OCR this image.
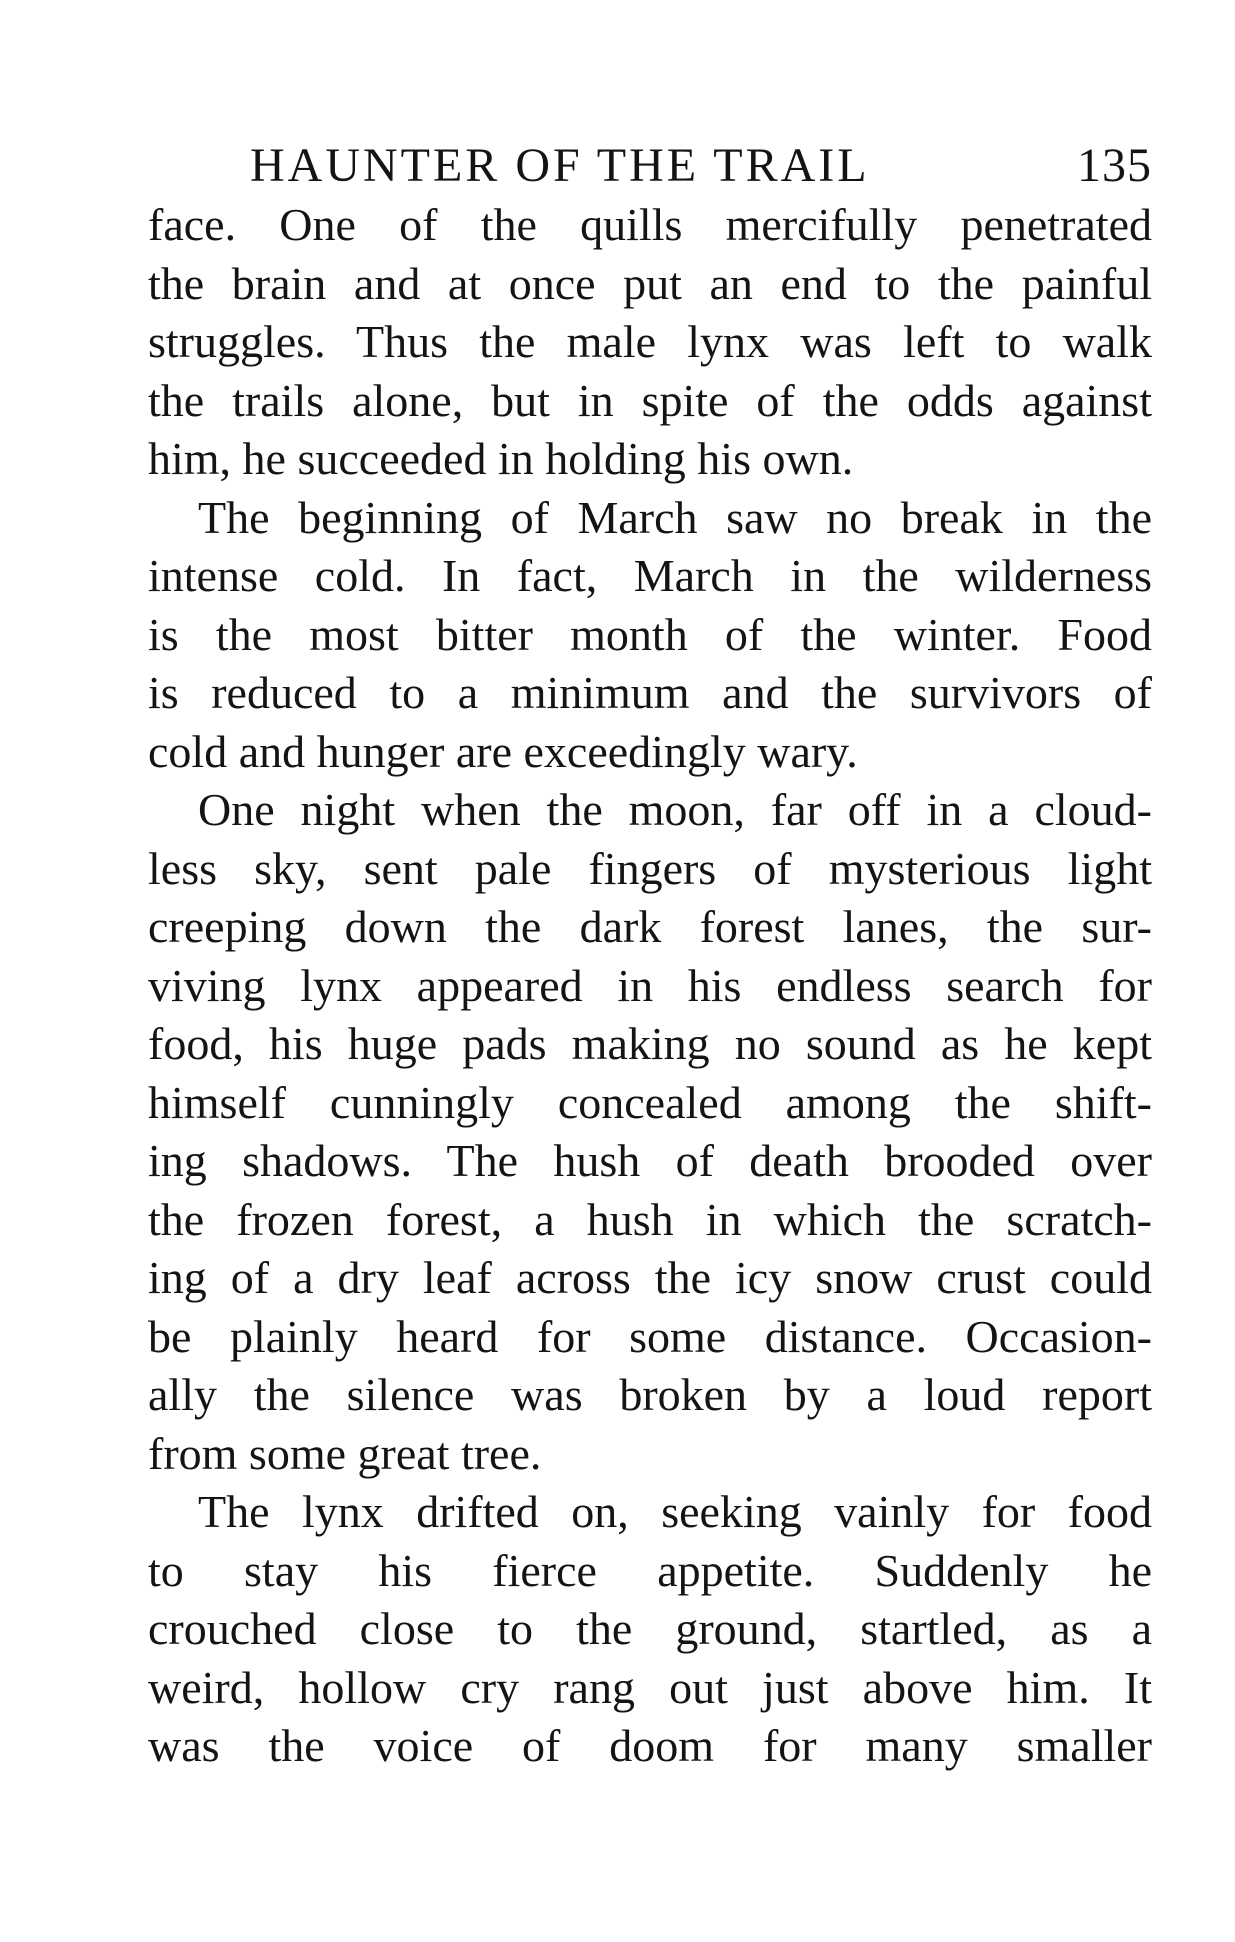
HAUNTER OF THE TRAIL	135
face. One of the quills mercifully penetrated
the brain and at once put an end to the painful
struggles. Thus the male lynx was left to walk
the trails alone, but in spite of the odds against
him, he succeeded in holding his own.
The beginning of March saw no break in the
intense cold. In fact, March in the wilderness
is the most bitter month of the winter. Food
is reduced to a minimum and the survivors of
cold and hunger are exceedingly wary.
One night when the moon, far off in a cloud-
less sky, sent pale fingers of mysterious light
creeping down the dark forest lanes, the sur-
viving lynx appeared in his endless search for
food, his huge pads making no sound as he kept
himself cunningly concealed among the shift-
ing shadows. The hush of death brooded over
the frozen forest, a hush in which the scratch-
ing of a dry leaf across the icy snow crust could
be plainly heard for some distance. Occasion-
ally the silence was broken by a loud report
from some great tree.
The lynx drifted on, seeking vainly for food
to stay his fierce appetite. Suddenly he
crouched close to the ground, startled, as a
weird, hollow cry rang out just above him. It
was the voice of doom for many smaller
